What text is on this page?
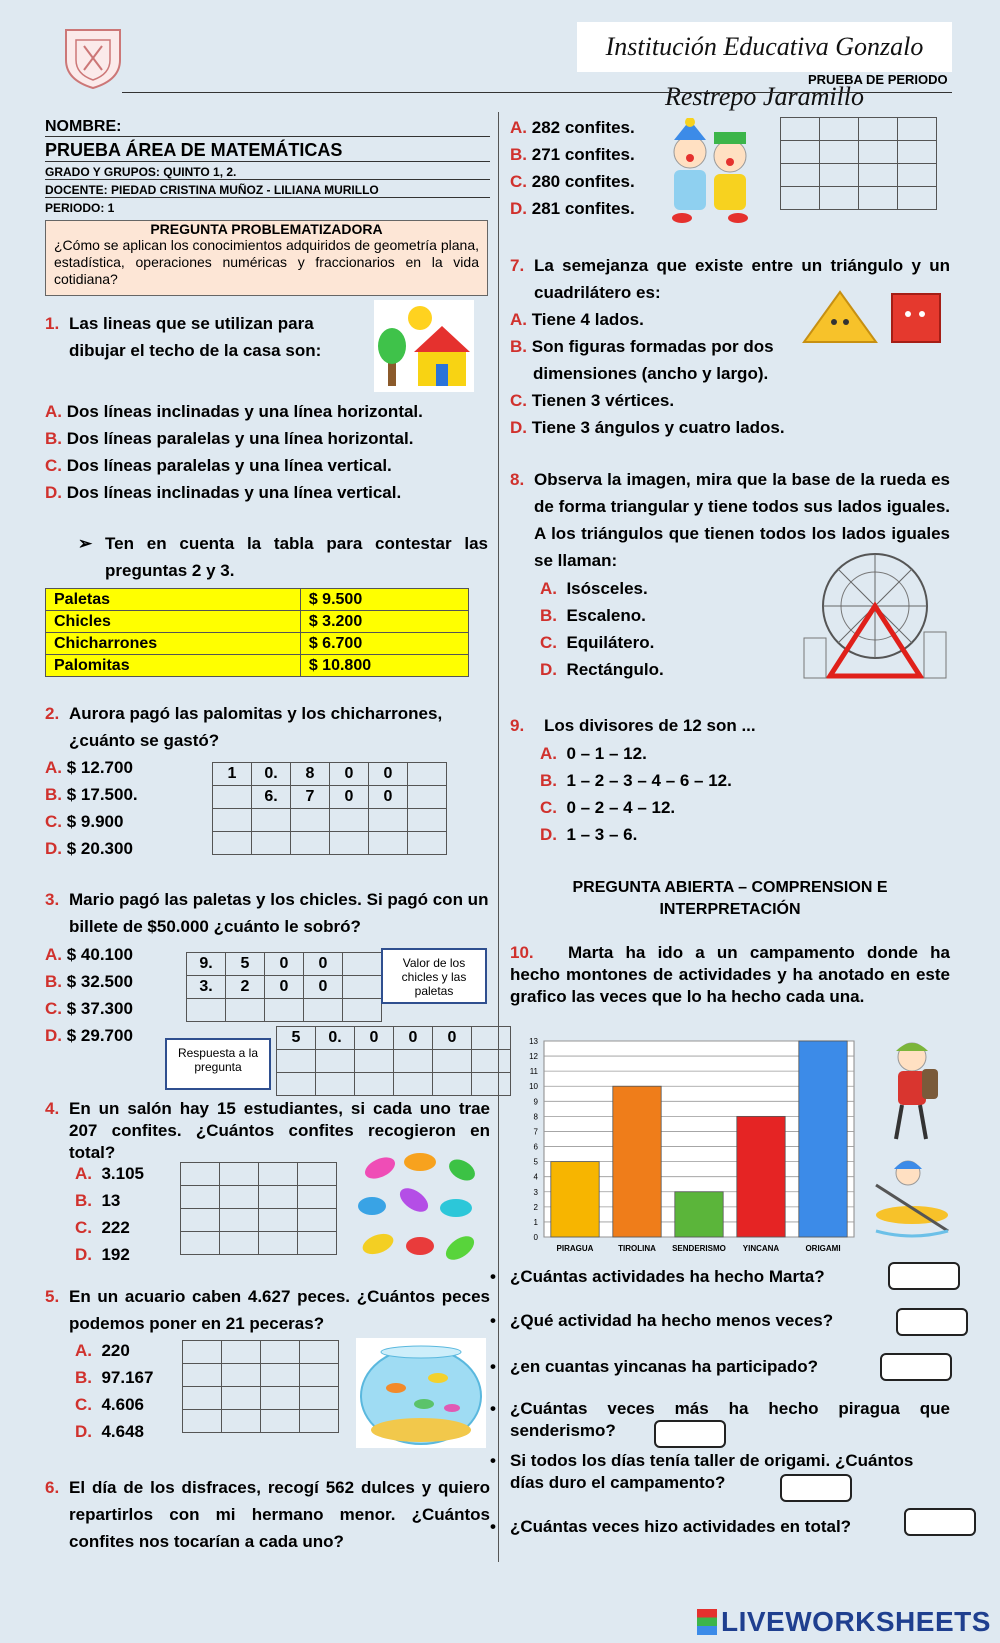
Institución Educativa Gonzalo Restrepo Jaramillo
PRUEBA DE PERIODO
NOMBRE:
PRUEBA ÁREA DE MATEMÁTICAS
GRADO Y GRUPOS: QUINTO 1, 2.
DOCENTE: PIEDAD CRISTINA MUÑOZ - LILIANA MURILLO
PERIODO: 1
PREGUNTA PROBLEMATIZADORA
¿Cómo se aplican los conocimientos adquiridos de geometría plana, estadística, operaciones numéricas y fraccionarios en la vida cotidiana?
1. Las lineas que se utilizan para dibujar el techo de la casa son:
A. Dos líneas inclinadas y una línea horizontal.
B. Dos líneas paralelas y una línea horizontal.
C. Dos líneas paralelas y una línea vertical.
D. Dos líneas inclinadas y una línea vertical.
➢ Ten en cuenta la tabla para contestar las preguntas 2 y 3.
Paletas	$ 9.500
Chicles	$ 3.200
Chicharrones	$ 6.700
Palomitas	$ 10.800
2. Aurora pagó las palomitas y los chicharrones, ¿cuánto se gastó?
A. $ 12.700
B. $ 17.500.
C. $ 9.900
D. $ 20.300
1	0.	8	0	0	
	6.	7	0	0	

3. Mario pagó las paletas y los chicles. Si pagó con un billete de $50.000 ¿cuánto le sobró?
A. $ 40.100
B. $ 32.500
C. $ 37.300
D. $ 29.700
9.	5	0	0	
3.	2	0	0	

Valor de los chicles y las paletas
5	0.	0	0	0	

Respuesta a la pregunta
4. En un salón hay 15 estudiantes, si cada uno trae 207 confites. ¿Cuántos confites recogieron en total?
A. 3.105
B. 13
C. 222
D. 192

5. En un acuario caben 4.627 peces. ¿Cuántos peces podemos poner en 21 peceras?
A. 220
B. 97.167
C. 4.606
D. 4.648

6. El día de los disfraces, recogí 562 dulces y quiero repartirlos con mi hermano menor. ¿Cuántos confites nos tocarían a cada uno?
A. 282 confites.
B. 271 confites.
C. 280 confites.
D. 281 confites.

7. La semejanza que existe entre un triángulo y un cuadrilátero es:
A. Tiene 4 lados.
B. Son figuras formadas por dos dimensiones (ancho y largo).
C. Tienen 3 vértices.
D. Tiene 3 ángulos y cuatro lados.
8. Observa la imagen, mira que la base de la rueda es de forma triangular y tiene todos sus lados iguales. A los triángulos que tienen todos los lados iguales se llaman:
A. Isósceles.
B. Escaleno.
C. Equilátero.
D. Rectángulo.
9. Los divisores de 12 son ...
A. 0 – 1 – 12.
B. 1 – 2 – 3 – 4 – 6 – 12.
C. 0 – 2 – 4 – 12.
D. 1 – 3 – 6.
PREGUNTA ABIERTA – COMPRENSION E INTERPRETACIÓN
10.	Marta ha ido a un campamento donde ha hecho montones de actividades y ha anotado en este grafico las veces que lo ha hecho cada una.
0
1
2
3
4
5
6
7
8
9
10
11
12
13
PIRAGUA	TIROLINA SENDERISMO YINCANA	ORIGAMI
• ¿Cuántas actividades ha hecho Marta?
• ¿Qué actividad ha hecho menos veces?
• ¿en cuantas yincanas ha participado?
• ¿Cuántas veces más ha hecho piragua que senderismo?
• Si todos los días tenía taller de origami. ¿Cuántos días duro el campamento?
• ¿Cuántas veces hizo actividades en total?
LIVEWORKSHEETS
